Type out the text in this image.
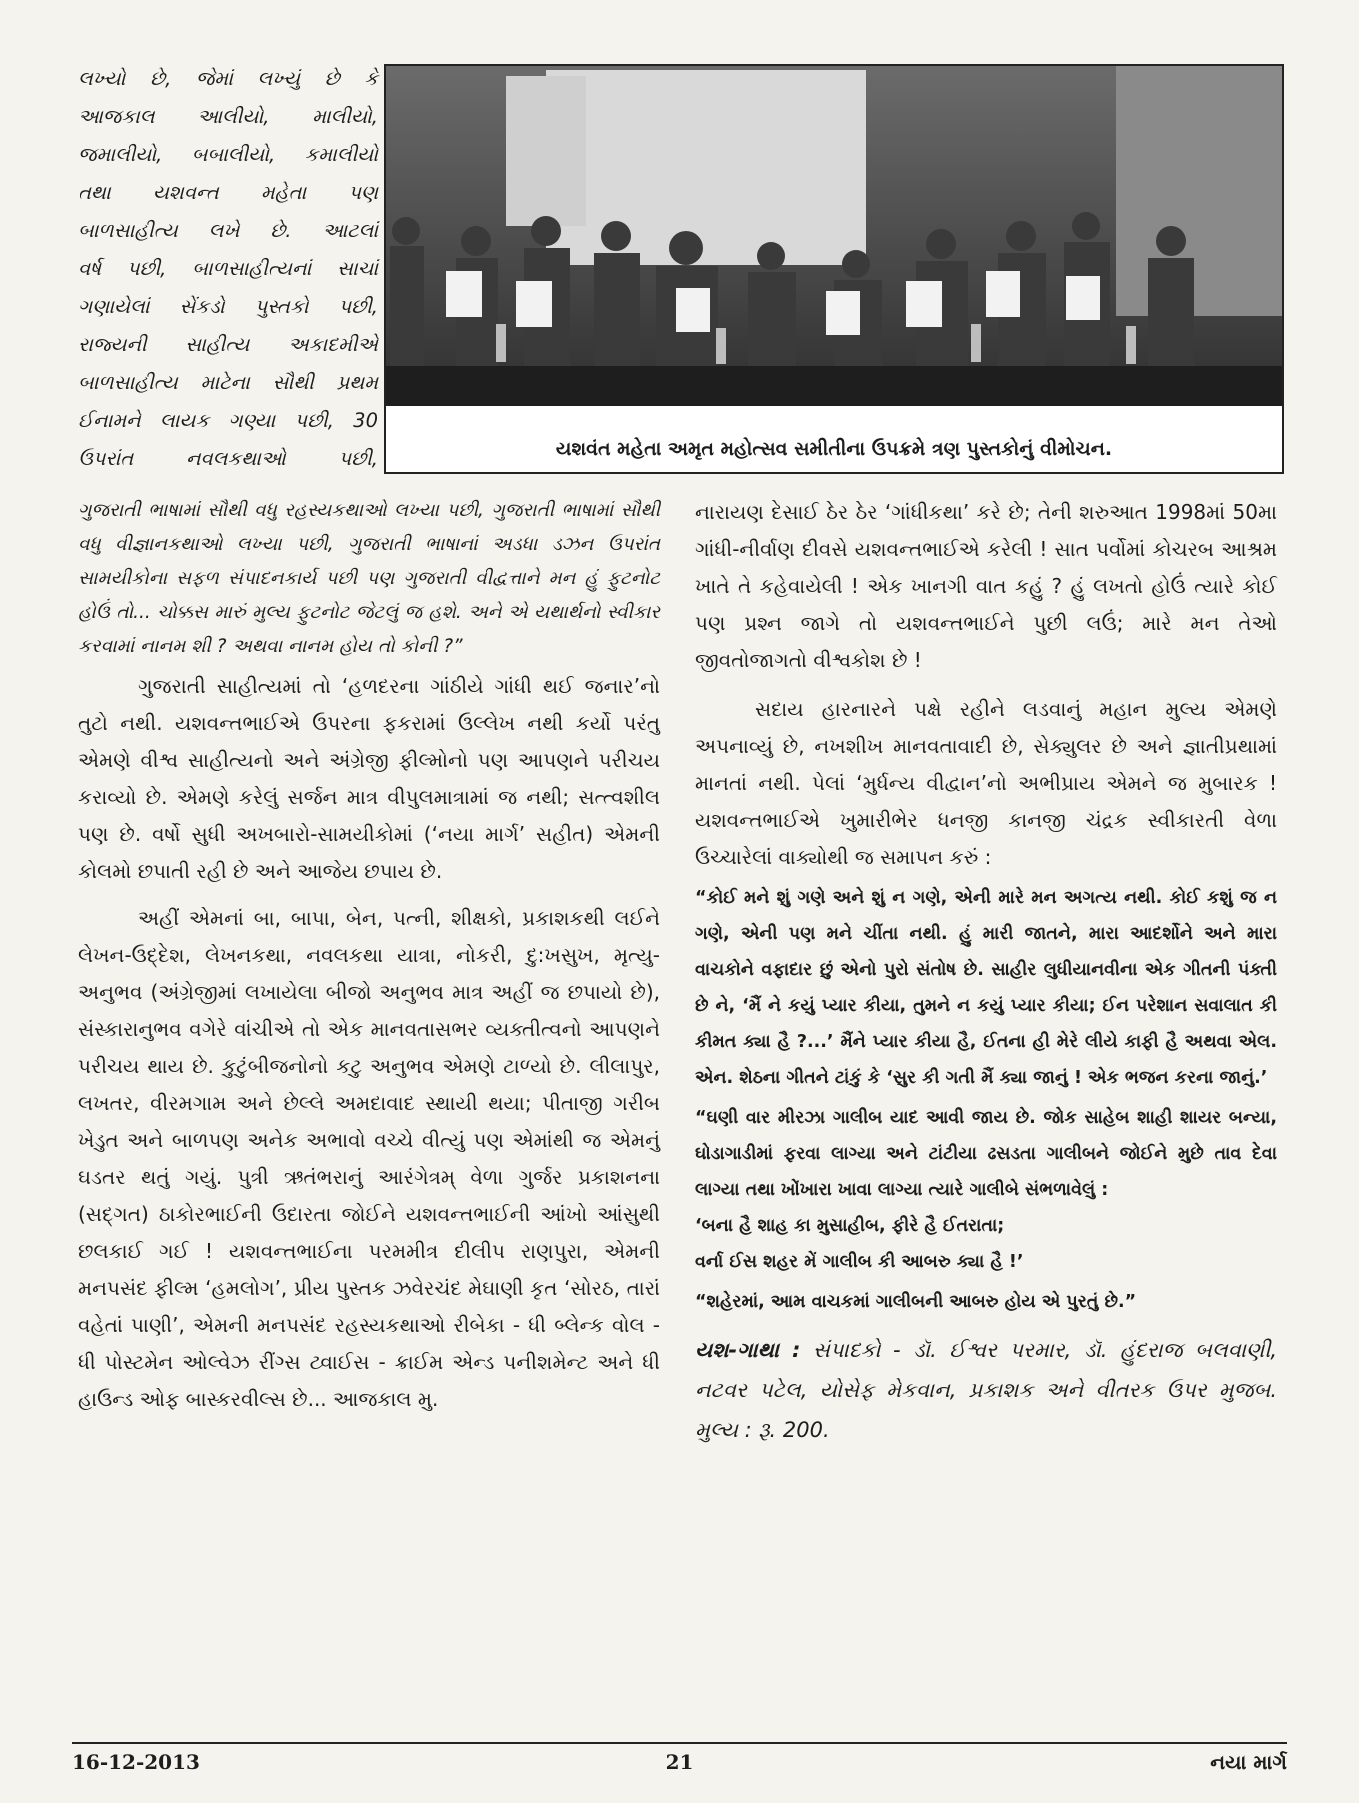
લખ્યો છે, જેમાં લખ્યું છે કે

આજકાલ આલીયો, માલીયો,

જમાલીયો, બબાલીયો, કમાલીયો

તથા યશવન્ત મહેતા પણ

બાળસાહીત્ય લખે છે. આટલાં

વર્ષ પછી, બાળસાહીત્યનાં સાચાં

ગણાયેલાં સેંકડો પુસ્તકો પછી,

રાજ્યની સાહીત્ય અકાદમીએ

બાળસાહીત્ય માટેના સૌથી પ્રથમ

ઈનામને લાયક ગણ્યા પછી, 30

ઉપરાંત નવલકથાઓ પછી,	યશવંત મહેતા અમૃત મહોત્સવ સમીતીના ઉપક્રમે ત્રણ પુસ્તકોનું વીમોચન.

ગુજરાતી ભાષામાં સૌથી વધુ રહસ્યકથાઓ લખ્યા પછી, ગુજરાતી ભાષામાં સૌથી વધુ વીજ્ઞાનકથાઓ લખ્યા પછી, ગુજરાતી ભાષાનાં અડધા ડઝન ઉપરાંત સામયીકોના સફળ સંપાદનકાર્ય પછી પણ ગુજરાતી વીદ્વત્તાને મન હું ફુટનોટ હોઉં તો... ચોક્કસ મારું મુલ્ય ફુટનોટ જેટલું જ હશે. અને એ યથાર્થનો સ્વીકાર કરવામાં નાનમ શી ? અથવા નાનમ હોય તો કોની ?”

ગુજરાતી સાહીત્યમાં તો ‘હળદરના ગાંઠીયે ગાંધી થઈ જનાર’નો તુટો નથી. યશવન્તભાઈએ ઉપરના ફકરામાં ઉલ્લેખ નથી કર્યો પરંતુ એમણે વીશ્વ સાહીત્યનો અને અંગ્રેજી ફીલ્મોનો પણ આપણને પરીચય કરાવ્યો છે. એમણે કરેલું સર્જન માત્ર વીપુલમાત્રામાં જ નથી; સત્ત્વશીલ પણ છે. વર્ષો સુધી અખબારો-સામયીકોમાં (‘નયા માર્ગ’ સહીત) એમની કોલમો છપાતી રહી છે અને આજેય છપાય છે.

અહીં એમનાં બા, બાપા, બેન, પત્ની, શીક્ષકો, પ્રકાશકથી લઈને લેખન-ઉદ્દેશ, લેખનકથા, નવલકથા યાત્રા, નોકરી, દુ:ખસુખ, મૃત્યુ-અનુભવ (અંગ્રેજીમાં લખાયેલા બીજો અનુભવ માત્ર અહીં જ છપાયો છે), સંસ્કારાનુભવ વગેરે વાંચીએ તો એક માનવતાસભર વ્યક્તીત્વનો આપણને પરીચય થાય છે. કુટુંબીજનોનો કટુ અનુભવ એમણે ટાળ્યો છે. લીલાપુર, લખતર, વીરમગામ અને છેલ્લે અમદાવાદ સ્થાયી થયા; પીતાજી ગરીબ ખેડુત અને બાળપણ અનેક અભાવો વચ્ચે વીત્યું પણ એમાંથી જ એમનું ઘડતર થતું ગયું. પુત્રી ઋતંભરાનું આરંગેત્રમ્ વેળા ગુર્જર પ્રકાશનના (સદ્ગત) ઠાકોરભાઈની ઉદારતા જોઈને યશવન્તભાઈની આંખો આંસુથી છલકાઈ ગઈ ! યશવન્તભાઈના પરમમીત્ર દીલીપ રાણપુરા, એમની મનપસંદ ફીલ્મ ‘હમલોગ’, પ્રીય પુસ્તક ઝવેરચંદ મેઘાણી કૃત ‘સોરઠ, તારાં વહેતાં પાણી’, એમની મનપસંદ રહસ્યકથાઓ રીબેકા - ધી બ્લેન્ક વોલ - ધી પોસ્ટમેન ઓલ્વેઝ રીંગ્સ ટ્વાઈસ - ક્રાઈમ એન્ડ પનીશમેન્ટ અને ધી હાઉન્ડ ઓફ બાસ્કરવીલ્સ છે... આજકાલ મુ.

નારાયણ દેસાઈ ઠેર ઠેર ‘ગાંધીકથા’ કરે છે; તેની શરુઆત 1998માં 50મા ગાંધી-નીર્વાણ દીવસે યશવન્તભાઈએ કરેલી ! સાત પર્વોમાં કોચરબ આશ્રમ ખાતે તે કહેવાયેલી ! એક ખાનગી વાત કહું ? હું લખતો હોઉં ત્યારે કોઈ પણ પ્રશ્ન જાગે તો યશવન્તભાઈને પુછી લઉં; મારે મન તેઓ જીવતોજાગતો વીશ્વકોશ છે !

સદાય હારનારને પક્ષે રહીને લડવાનું મહાન મુલ્ય એમણે અપનાવ્યું છે, નખશીખ માનવતાવાદી છે, સેક્યુલર છે અને જ્ઞાતીપ્રથામાં માનતાં નથી. પેલાં ‘મુર્ધન્ય વીદ્વાન’નો અભીપ્રાય એમને જ મુબારક ! યશવન્તભાઈએ ખુમારીભેર ધનજી કાનજી ચંદ્રક સ્વીકારતી વેળા ઉચ્ચારેલાં વાક્યોથી જ સમાપન કરું :

“કોઈ મને શું ગણે અને શું ન ગણે, એની મારે મન અગત્ય નથી. કોઈ કશું જ ન ગણે, એની પણ મને ચીંતા નથી. હું મારી જાતને, મારા આદર્શોને અને મારા વાચકોને વફાદાર છું એનો પુરો સંતોષ છે. સાહીર લુધીયાનવીના એક ગીતની પંક્તી છે ને, ‘મૈં ને કયું પ્યાર કીયા, તુમને ન કયું પ્યાર કીયા; ઈન પરેશાન સવાલાત કી કીમત ક્યા હૈ ?...’ મૈંને પ્યાર કીયા હૈ, ઈતના હી મેરે લીયે કાફી હૈ અથવા એલ. એન. શેઠના ગીતને ટાંકું કે ‘સુર કી ગતી મૈં ક્યા જાનું ! એક ભજન કરના જાનું.’

“ઘણી વાર મીરઝા ગાલીબ યાદ આવી જાય છે. જોક સાહેબ શાહી શાયર બન્યા, ઘોડાગાડીમાં ફરવા લાગ્યા અને ટાંટીયા ઢસડતા ગાલીબને જોઈને મુછે તાવ દેવા લાગ્યા તથા ખોંખારા ખાવા લાગ્યા ત્યારે ગાલીબે સંભળાવેલું :

‘બના હૈ શાહ કા મુસાહીબ, ફીરે હૈ ઈતરાતા;

વર્ના ઈસ શહર મેં ગાલીબ કી આબરુ ક્યા હૈ !’

“શહેરમાં, આમ વાચકમાં ગાલીબની આબરુ હોય એ પુરતું છે.”

યશ-ગાથા : સંપાદકો - ડૉ. ઈશ્વર પરમાર, ડૉ. હુંદરાજ બલવાણી, નટવર પટેલ, યોસેફ મેકવાન, પ્રકાશક અને વીતરક ઉપર મુજબ. મુલ્ય : રૂ. 200.

16-12-2013	21	નયા માર્ગ
